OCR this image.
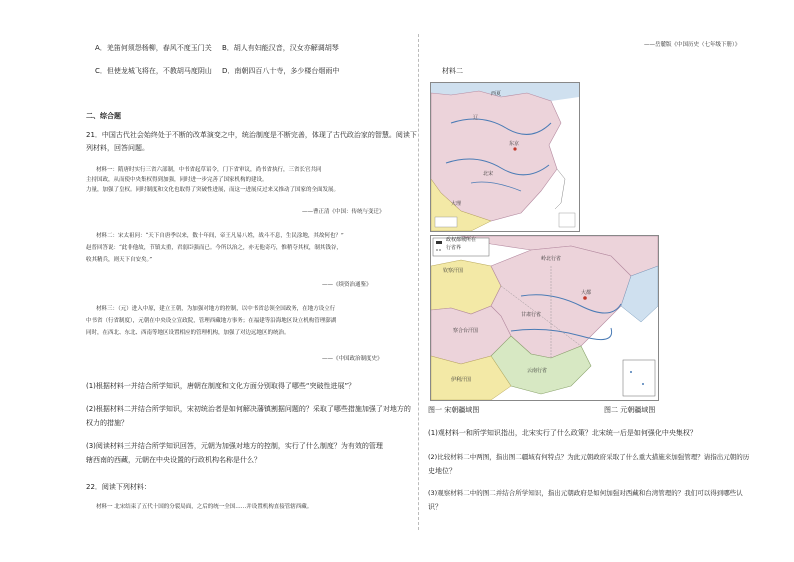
A．羌笛何须怨杨柳，春风不度玉门关 B．胡人有妇能汉音，汉女亦解调胡琴
C．但使龙城飞将在，不教胡马度阴山 D．南朝四百八十寺，多少楼台烟雨中
二、综合题
21．中国古代社会始终处于不断的改革演变之中，统治制度是不断完善，体现了古代政治家的智慧。阅读下
列材料，回答问题。
材料一：隋唐时实行三省六部制，中书省起草诏令，门下省审议，尚书省执行，三省长官共同
主持国政，从而使中央集权得到加强，同时进一步完善了国家机构的建设。
力量，加强了皇权。同时制度和文化也取得了突破性进展，而这一进展反过来又推动了国家的全面发展。
——曹正清《中国：传统与变迁》
材料二：宋太祖问：“天下自唐季以来，数十年间，帝王凡易八姓，战斗不息，生民涂地，其故何也？”
赵普回答说：“此非他故，节镇太重，君弱臣强而已。今所以治之，亦无他奇巧，惟稍夺其权，制其钱谷，
收其精兵，则天下自安矣。”
——《续资治通鉴》
材料三：（元）进入中原，建立王朝，为加强对地方的控制，以中书省总领全国政务，在地方设立行
中书省（行省制度），元朝在中央设立宣政院，管理西藏地方事务；在福建等沿海地区设立机构管理澎湖
同时，在西北、东北、西南等地区设置相应的管理机构，加强了对边远地区的统治。
——《中国政治制度史》
(1)根据材料一并结合所学知识，唐朝在制度和文化方面分别取得了哪些“突破性进展”？
(2)根据材料二并结合所学知识，宋初统治者是如何解决藩镇割据问题的？采取了哪些措施加强了对地方的
权力的措施？
(3)阅读材料三并结合所学知识回答，元朝为加强对地方的控制，实行了什么制度？为有效的管理
辖西南的西藏，元朝在中央设置的行政机构名称是什么？
22．阅读下列材料：
材料一 北宋结束了五代十国的分裂局面，之后的统一全国……并设置机构直接管辖西藏。
——岳麓版《中国历史（七年级下册）》
材料二
西夏
辽
东京
北宋
大理
钦察汗国
岭北行省
察合台汗国
甘肃行省
大都
云南行省
伊利汗国
政权都城所在
行省界
图一 宋朝疆域图	图二 元朝疆域图
(1)观材料一和所学知识指出，北宋实行了什么政策？北宋统一后是如何强化中央集权？
(2)比较材料二中两图，指出图二疆域有何特点？为此元朝政府采取了什么重大措施来加强管理？请指出元朝的历
史地位？
(3)观察材料二中的图二并结合所学知识，指出元朝政府是如何加强对西藏和台湾管理的？我们可以得到哪些认
识？
